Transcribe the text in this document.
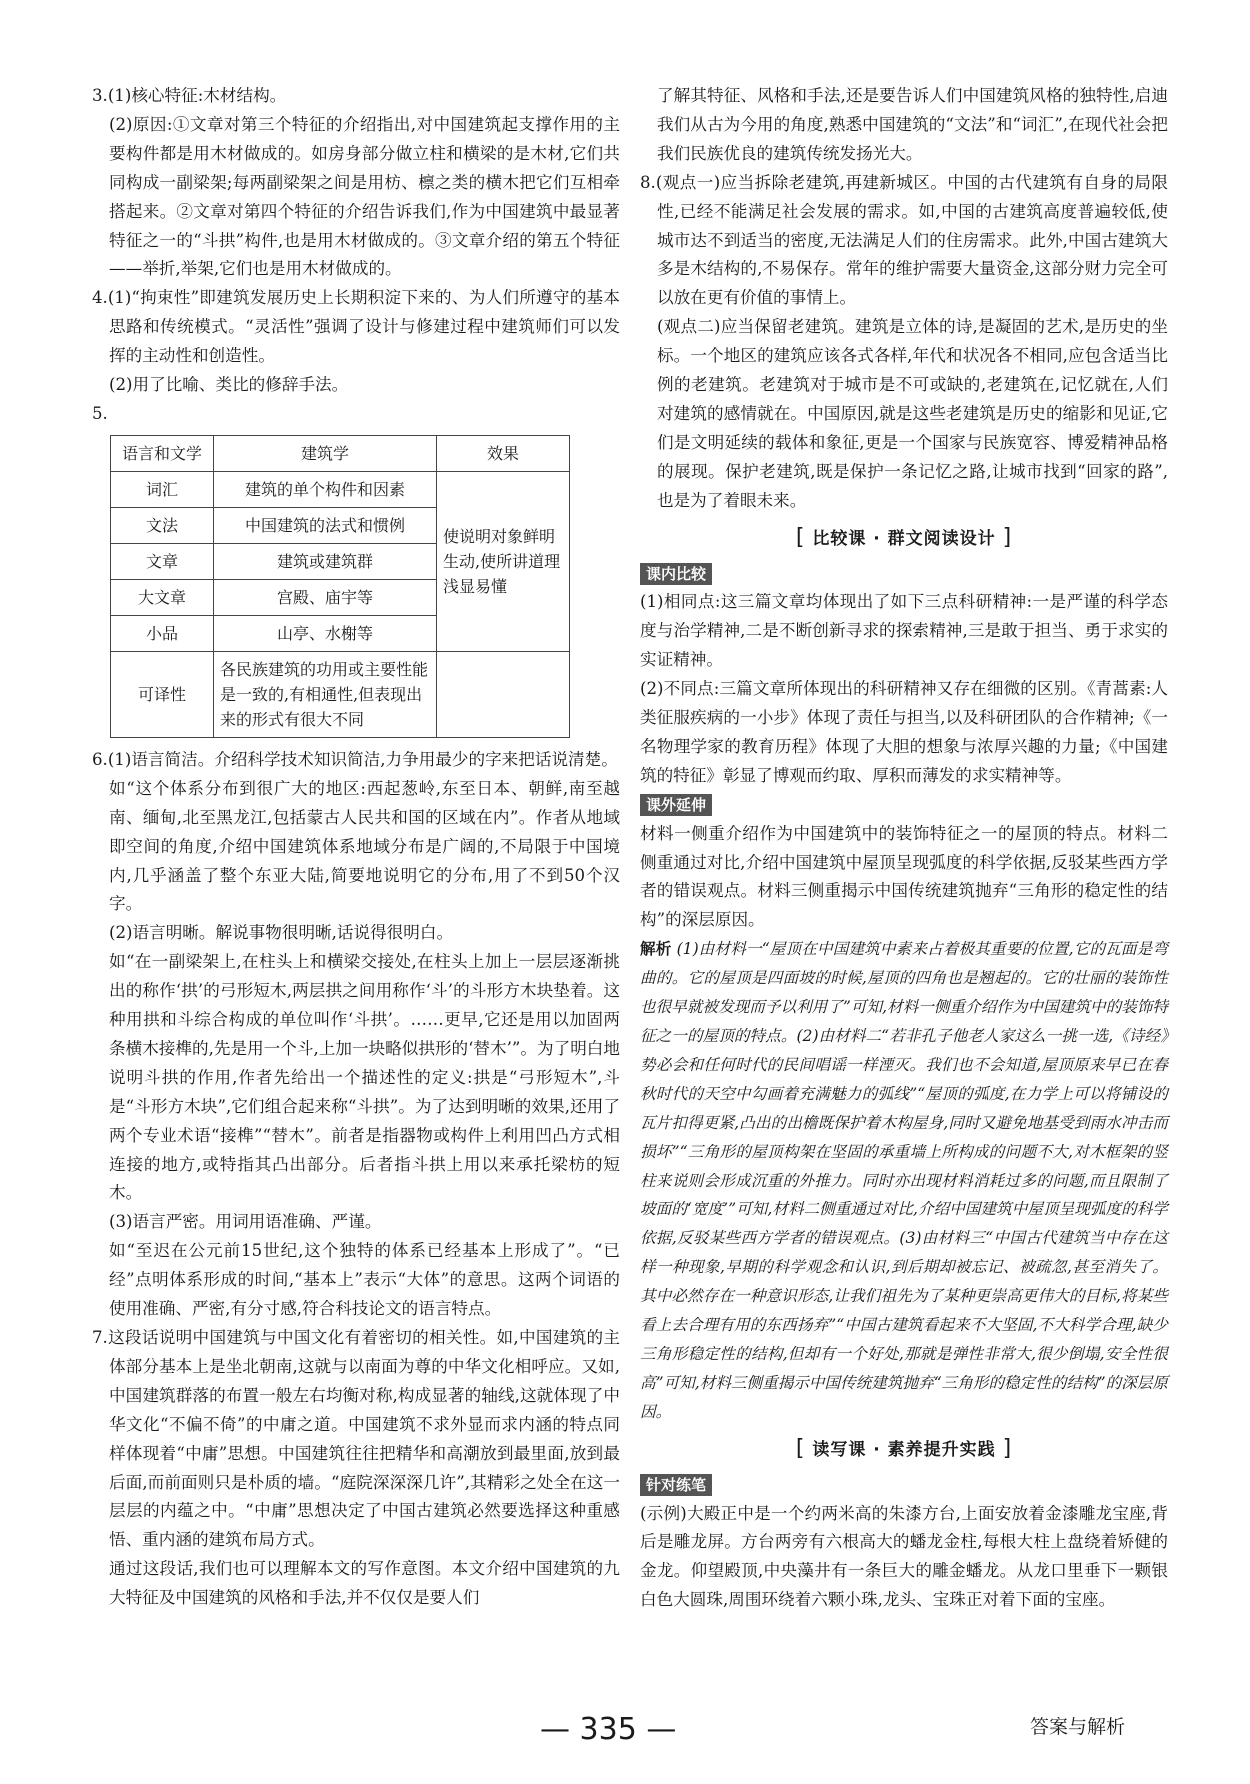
3.(1)核心特征:木材结构。

(2)原因:①文章对第三个特征的介绍指出,对中国建筑起支撑作用的主要构件都是用木材做成的。如房身部分做立柱和横梁的是木材,它们共同构成一副梁架;每两副梁架之间是用枋、檩之类的横木把它们互相牵搭起来。②文章对第四个特征的介绍告诉我们,作为中国建筑中最显著特征之一的“斗拱”构件,也是用木材做成的。③文章介绍的第五个特征——举折,举架,它们也是用木材做成的。

4.(1)“拘束性”即建筑发展历史上长期积淀下来的、为人们所遵守的基本思路和传统模式。“灵活性”强调了设计与修建过程中建筑师们可以发挥的主动性和创造性。

(2)用了比喻、类比的修辞手法。

5.

语言和文学	建筑学	效果
词汇	建筑的单个构件和因素	使说明对象鲜明生动,使所讲道理浅显易懂
文法	中国建筑的法式和惯例	
文章	建筑或建筑群	
大文章	宫殿、庙宇等	
小品	山亭、水榭等	
可译性	各民族建筑的功用或主要性能是一致的,有相通性,但表现出来的形式有很大不同	

6.(1)语言简洁。介绍科学技术知识简洁,力争用最少的字来把话说清楚。

如“这个体系分布到很广大的地区:西起葱岭,东至日本、朝鲜,南至越南、缅甸,北至黑龙江,包括蒙古人民共和国的区域在内”。作者从地域即空间的角度,介绍中国建筑体系地域分布是广阔的,不局限于中国境内,几乎涵盖了整个东亚大陆,简要地说明它的分布,用了不到50个汉字。

(2)语言明晰。解说事物很明晰,话说得很明白。

如“在一副梁架上,在柱头上和横梁交接处,在柱头上加上一层层逐渐挑出的称作‘拱’的弓形短木,两层拱之间用称作‘斗’的斗形方木块垫着。这种用拱和斗综合构成的单位叫作‘斗拱’。……更早,它还是用以加固两条横木接榫的,先是用一个斗,上加一块略似拱形的‘替木’”。为了明白地说明斗拱的作用,作者先给出一个描述性的定义:拱是“弓形短木”,斗是“斗形方木块”,它们组合起来称“斗拱”。为了达到明晰的效果,还用了两个专业术语“接榫”“替木”。前者是指器物或构件上利用凹凸方式相连接的地方,或特指其凸出部分。后者指斗拱上用以来承托梁枋的短木。

(3)语言严密。用词用语准确、严谨。

如“至迟在公元前15世纪,这个独特的体系已经基本上形成了”。“已经”点明体系形成的时间,“基本上”表示“大体”的意思。这两个词语的使用准确、严密,有分寸感,符合科技论文的语言特点。

7.这段话说明中国建筑与中国文化有着密切的相关性。如,中国建筑的主体部分基本上是坐北朝南,这就与以南面为尊的中华文化相呼应。又如,中国建筑群落的布置一般左右均衡对称,构成显著的轴线,这就体现了中华文化“不偏不倚”的中庸之道。中国建筑不求外显而求内涵的特点同样体现着“中庸”思想。中国建筑往往把精华和高潮放到最里面,放到最后面,而前面则只是朴质的墙。“庭院深深深几许”,其精彩之处全在这一层层的内蕴之中。“中庸”思想决定了中国古建筑必然要选择这种重感悟、重内涵的建筑布局方式。

通过这段话,我们也可以理解本文的写作意图。本文介绍中国建筑的九大特征及中国建筑的风格和手法,并不仅仅是要人们

了解其特征、风格和手法,还是要告诉人们中国建筑风格的独特性,启迪我们从古为今用的角度,熟悉中国建筑的“文法”和“词汇”,在现代社会把我们民族优良的建筑传统发扬光大。

8.(观点一)应当拆除老建筑,再建新城区。中国的古代建筑有自身的局限性,已经不能满足社会发展的需求。如,中国的古建筑高度普遍较低,使城市达不到适当的密度,无法满足人们的住房需求。此外,中国古建筑大多是木结构的,不易保存。常年的维护需要大量资金,这部分财力完全可以放在更有价值的事情上。

(观点二)应当保留老建筑。建筑是立体的诗,是凝固的艺术,是历史的坐标。一个地区的建筑应该各式各样,年代和状况各不相同,应包含适当比例的老建筑。老建筑对于城市是不可或缺的,老建筑在,记忆就在,人们对建筑的感情就在。中国原因,就是这些老建筑是历史的缩影和见证,它们是文明延续的载体和象征,更是一个国家与民族宽容、博爱精神品格的展现。保护老建筑,既是保护一条记忆之路,让城市找到“回家的路”,也是为了着眼未来。

[ 比较课 · 群文阅读设计 ]
课内比较

(1)相同点:这三篇文章均体现出了如下三点科研精神:一是严谨的科学态度与治学精神,二是不断创新寻求的探索精神,三是敢于担当、勇于求实的实证精神。

(2)不同点:三篇文章所体现出的科研精神又存在细微的区别。《青蒿素:人类征服疾病的一小步》体现了责任与担当,以及科研团队的合作精神;《一名物理学家的教育历程》体现了大胆的想象与浓厚兴趣的力量;《中国建筑的特征》彰显了博观而约取、厚积而薄发的求实精神等。

课外延伸

材料一侧重介绍作为中国建筑中的装饰特征之一的屋顶的特点。材料二侧重通过对比,介绍中国建筑中屋顶呈现弧度的科学依据,反驳某些西方学者的错误观点。材料三侧重揭示中国传统建筑抛弃“三角形的稳定性的结构”的深层原因。

解析 (1)由材料一“屋顶在中国建筑中素来占着极其重要的位置,它的瓦面是弯曲的。它的屋顶是四面坡的时候,屋顶的四角也是翘起的。它的壮丽的装饰性也很早就被发现而予以利用了”可知,材料一侧重介绍作为中国建筑中的装饰特征之一的屋顶的特点。(2)由材料二“若非孔子他老人家这么一挑一选,《诗经》势必会和任何时代的民间唱谣一样湮灭。我们也不会知道,屋顶原来早已在春秋时代的天空中勾画着充满魅力的弧线”“屋顶的弧度,在力学上可以将铺设的瓦片扣得更紧,凸出的出檐既保护着木构屋身,同时又避免地基受到雨水冲击而损坏”“三角形的屋顶构架在坚固的承重墙上所构成的问题不大,对木框架的竖柱来说则会形成沉重的外推力。同时亦出现材料消耗过多的问题,而且限制了坡面的‘宽度’”可知,材料二侧重通过对比,介绍中国建筑中屋顶呈现弧度的科学依据,反驳某些西方学者的错误观点。(3)由材料三“中国古代建筑当中存在这样一种现象,早期的科学观念和认识,到后期却被忘记、被疏忽,甚至消失了。其中必然存在一种意识形态,让我们祖先为了某种更崇高更伟大的目标,将某些看上去合理有用的东西扬弃”“中国古建筑看起来不大坚固,不大科学合理,缺少三角形稳定性的结构,但却有一个好处,那就是弹性非常大,很少倒塌,安全性很高”可知,材料三侧重揭示中国传统建筑抛弃“三角形的稳定性的结构”的深层原因。

[ 读写课 · 素养提升实践 ]
针对练笔

(示例)大殿正中是一个约两米高的朱漆方台,上面安放着金漆雕龙宝座,背后是雕龙屏。方台两旁有六根高大的蟠龙金柱,每根大柱上盘绕着矫健的金龙。仰望殿顶,中央藻井有一条巨大的雕金蟠龙。从龙口里垂下一颗银白色大圆珠,周围环绕着六颗小珠,龙头、宝珠正对着下面的宝座。

— 335 —	答案与解析
